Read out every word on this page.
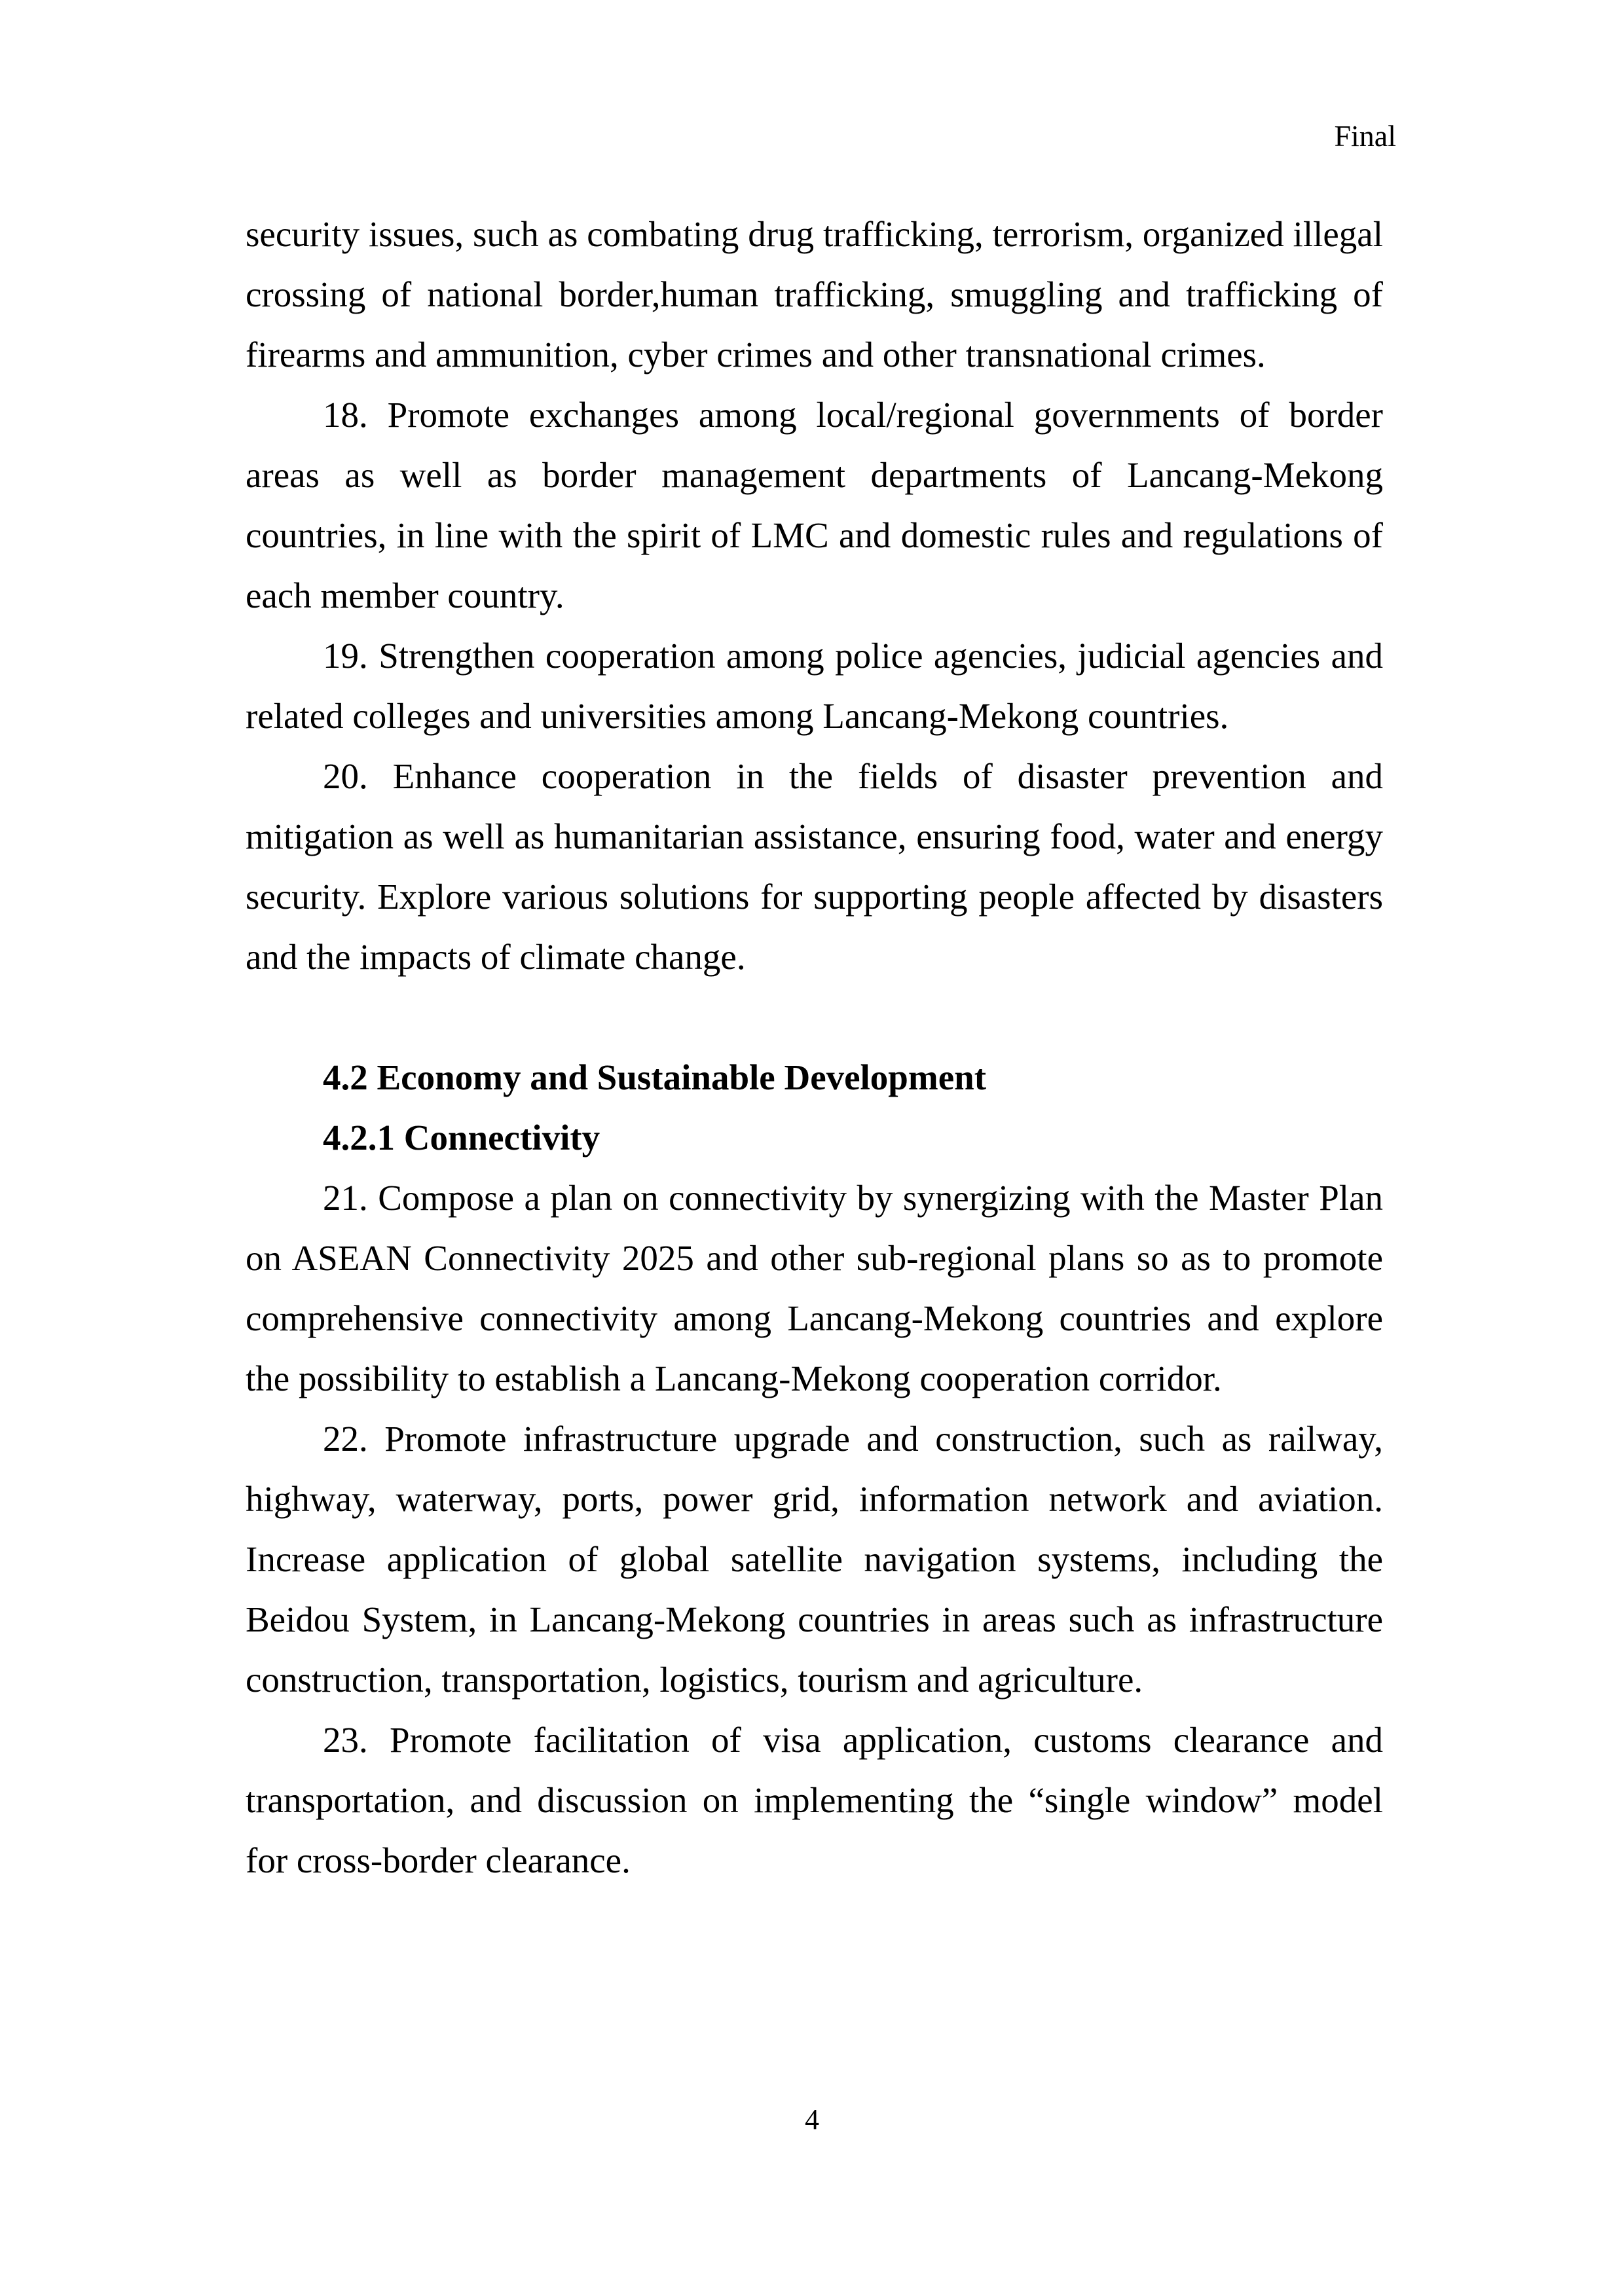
Final

security issues, such as combating drug trafficking, terrorism, organized illegal crossing of national border,human trafficking, smuggling and trafficking of firearms and ammunition, cyber crimes and other transnational crimes.

18. Promote exchanges among local/regional governments of border areas as well as border management departments of Lancang-Mekong countries, in line with the spirit of LMC and domestic rules and regulations of each member country.

19. Strengthen cooperation among police agencies, judicial agencies and related colleges and universities among Lancang-Mekong countries.

20. Enhance cooperation in the fields of disaster prevention and mitigation as well as humanitarian assistance, ensuring food, water and energy security. Explore various solutions for supporting people affected by disasters and the impacts of climate change.

4.2 Economy and Sustainable Development

4.2.1 Connectivity

21. Compose a plan on connectivity by synergizing with the Master Plan on ASEAN Connectivity 2025 and other sub-regional plans so as to promote comprehensive connectivity among Lancang-Mekong countries and explore the possibility to establish a Lancang-Mekong cooperation corridor.

22. Promote infrastructure upgrade and construction, such as railway, highway, waterway, ports, power grid, information network and aviation. Increase application of global satellite navigation systems, including the Beidou System, in Lancang-Mekong countries in areas such as infrastructure construction, transportation, logistics, tourism and agriculture.

23. Promote facilitation of visa application, customs clearance and transportation, and discussion on implementing the “single window” model for cross-border clearance.

4
